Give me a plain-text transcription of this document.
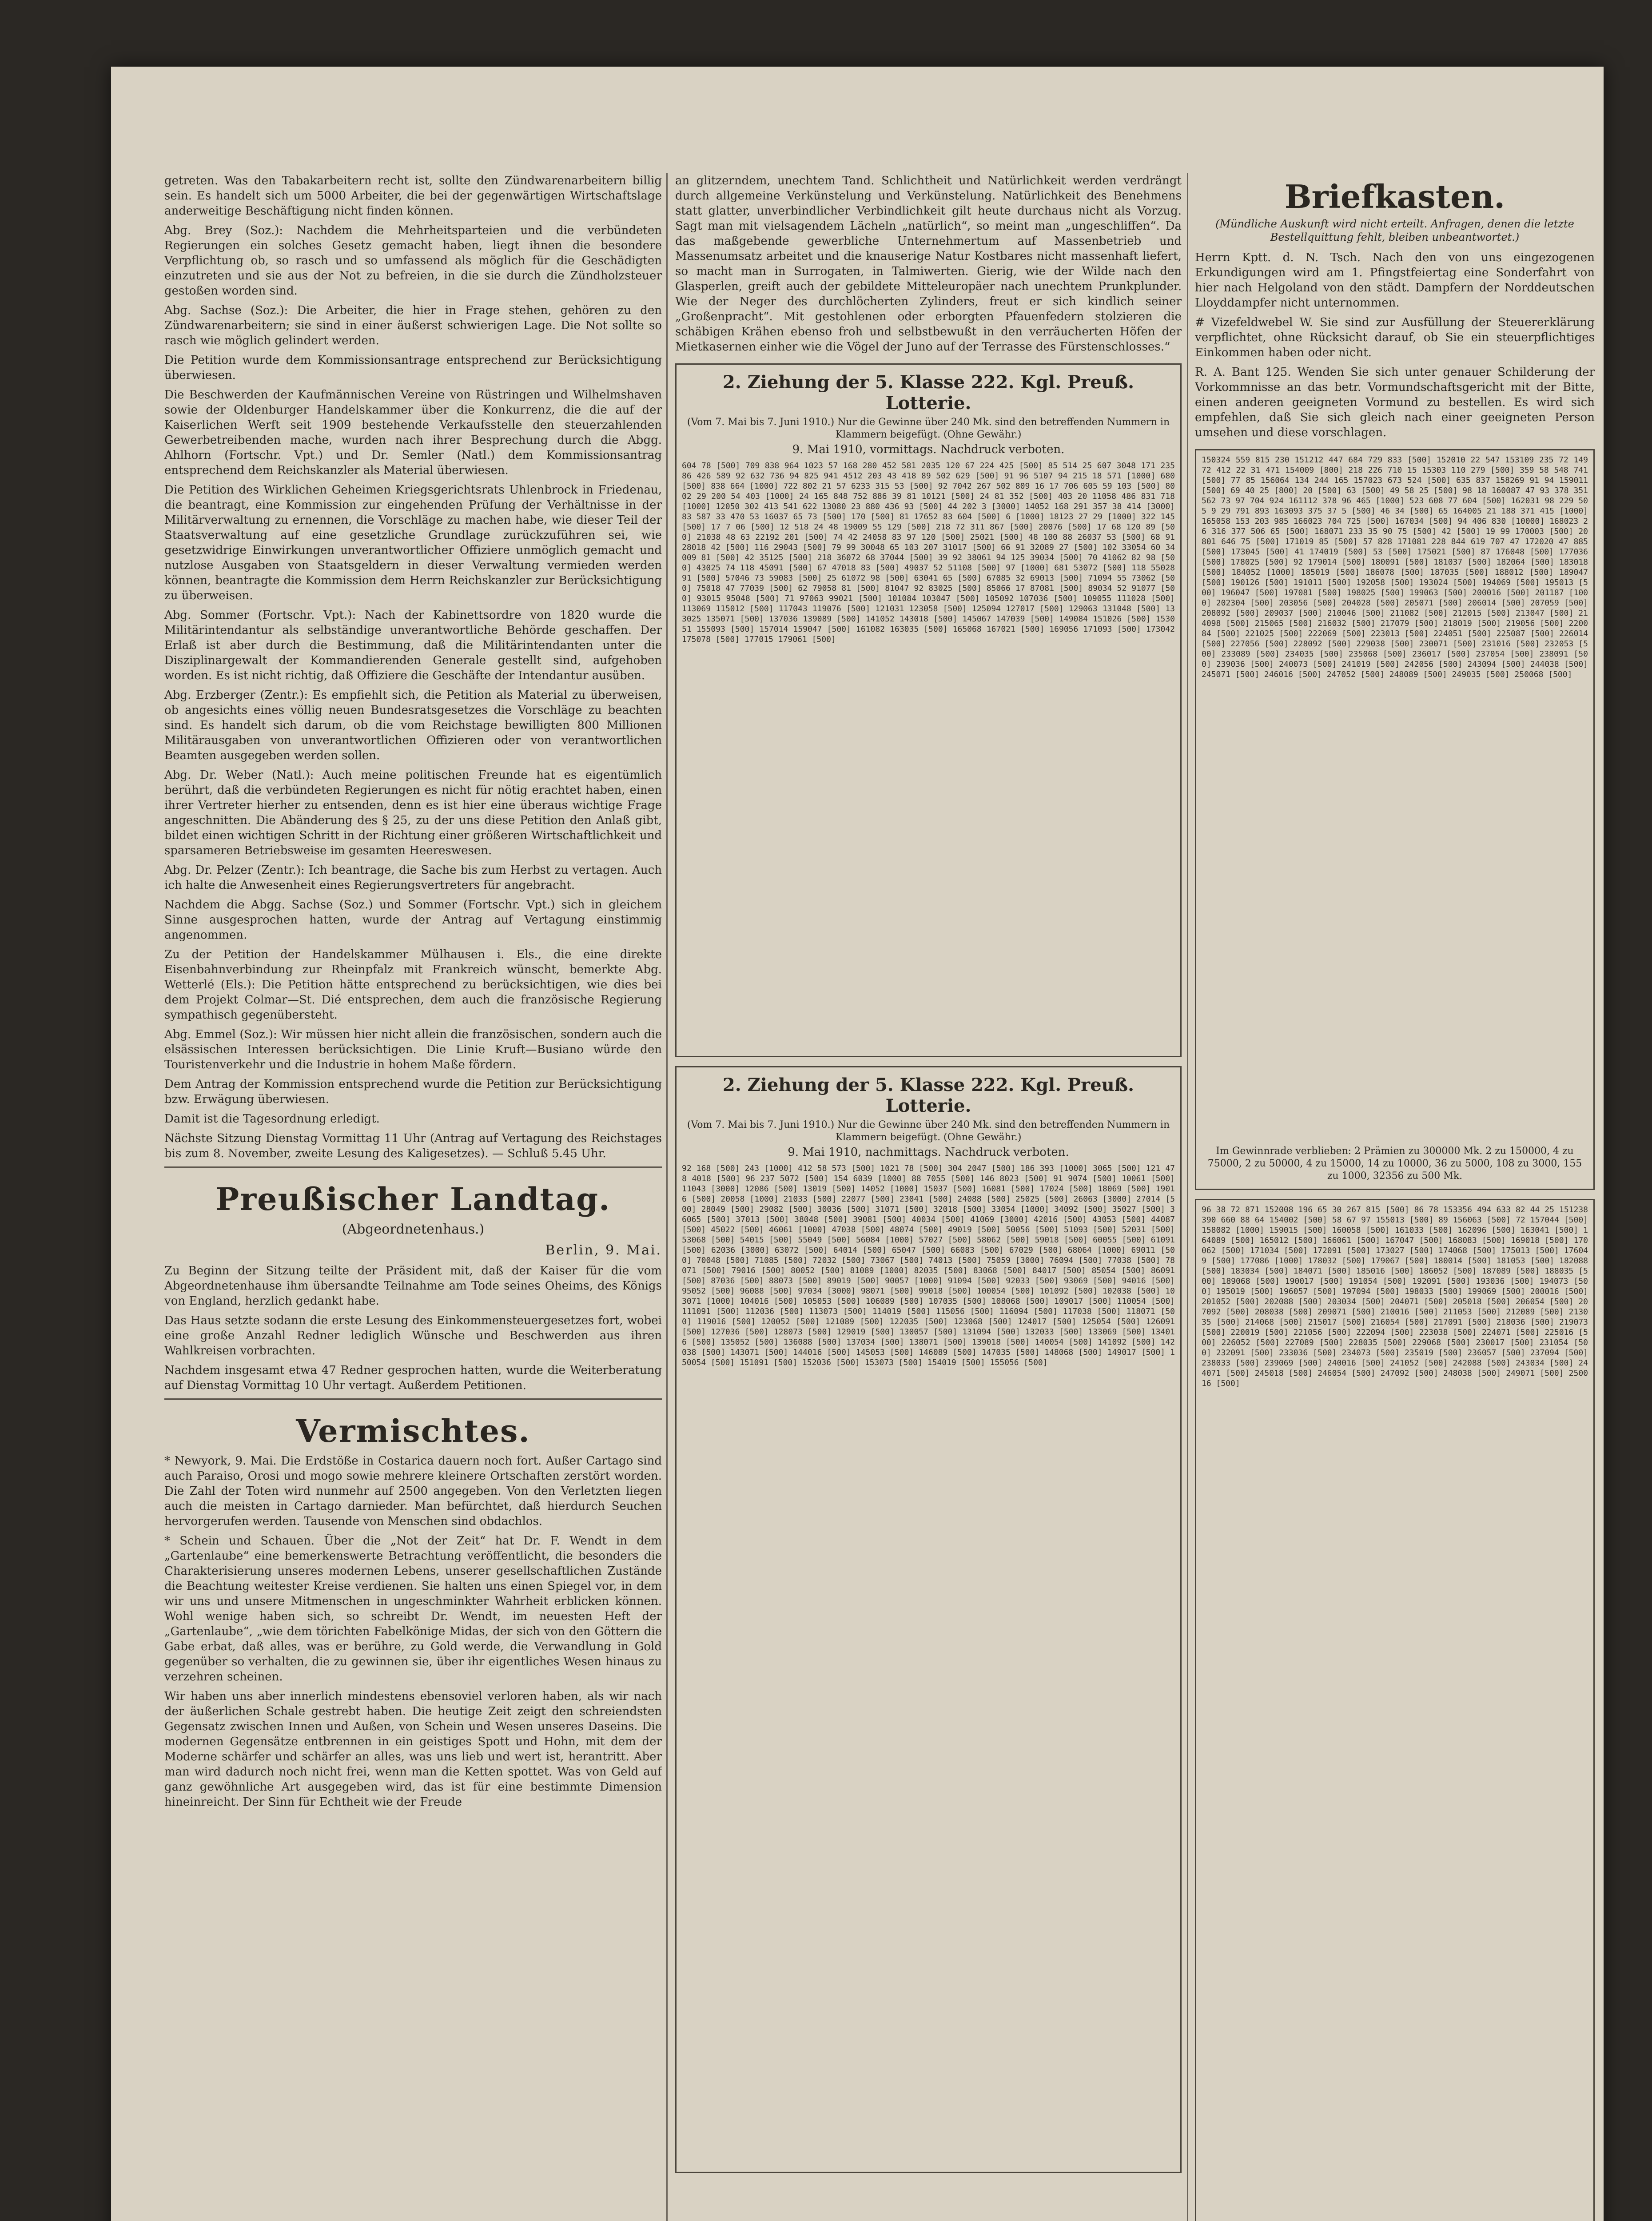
getreten. Was den Tabakarbeitern recht ist, sollte den Zündwarenarbeitern billig sein. Es handelt sich um 5000 Arbeiter, die bei der gegenwärtigen Wirtschaftslage anderweitige Beschäftigung nicht finden können.

Abg. Brey (Soz.): Nachdem die Mehrheitsparteien und die verbündeten Regierungen ein solches Gesetz gemacht haben, liegt ihnen die besondere Verpflichtung ob, so rasch und so umfassend als möglich für die Geschädigten einzutreten und sie aus der Not zu befreien, in die sie durch die Zündholzsteuer gestoßen worden sind.

Abg. Sachse (Soz.): Die Arbeiter, die hier in Frage stehen, gehören zu den Zündwarenarbeitern; sie sind in einer äußerst schwierigen Lage. Die Not sollte so rasch wie möglich gelindert werden.

Die Petition wurde dem Kommissionsantrage entsprechend zur Berücksichtigung überwiesen.

Die Beschwerden der Kaufmännischen Vereine von Rüstringen und Wilhelmshaven sowie der Oldenburger Handelskammer über die Konkurrenz, die die auf der Kaiserlichen Werft seit 1909 bestehende Verkaufsstelle den steuerzahlenden Gewerbetreibenden mache, wurden nach ihrer Besprechung durch die Abgg. Ahlhorn (Fortschr. Vpt.) und Dr. Semler (Natl.) dem Kommissionsantrag entsprechend dem Reichskanzler als Material überwiesen.

Die Petition des Wirklichen Geheimen Kriegsgerichtsrats Uhlenbrock in Friedenau, die beantragt, eine Kommission zur eingehenden Prüfung der Verhältnisse in der Militärverwaltung zu ernennen, die Vorschläge zu machen habe, wie dieser Teil der Staatsverwaltung auf eine gesetzliche Grundlage zurückzuführen sei, wie gesetzwidrige Einwirkungen unverantwortlicher Offiziere unmöglich gemacht und nutzlose Ausgaben von Staatsgeldern in dieser Verwaltung vermieden werden können, beantragte die Kommission dem Herrn Reichskanzler zur Berücksichtigung zu überweisen.

Abg. Sommer (Fortschr. Vpt.): Nach der Kabinettsordre von 1820 wurde die Militärintendantur als selbständige unverantwortliche Behörde geschaffen. Der Erlaß ist aber durch die Bestimmung, daß die Militärintendanten unter die Disziplinargewalt der Kommandierenden Generale gestellt sind, aufgehoben worden. Es ist nicht richtig, daß Offiziere die Geschäfte der Intendantur ausüben.

Abg. Erzberger (Zentr.): Es empfiehlt sich, die Petition als Material zu überweisen, ob angesichts eines völlig neuen Bundesratsgesetzes die Vorschläge zu beachten sind. Es handelt sich darum, ob die vom Reichstage bewilligten 800 Millionen Militärausgaben von unverantwortlichen Offizieren oder von verantwortlichen Beamten ausgegeben werden sollen.

Abg. Dr. Weber (Natl.): Auch meine politischen Freunde hat es eigentümlich berührt, daß die verbündeten Regierungen es nicht für nötig erachtet haben, einen ihrer Vertreter hierher zu entsenden, denn es ist hier eine überaus wichtige Frage angeschnitten. Die Abänderung des § 25, zu der uns diese Petition den Anlaß gibt, bildet einen wichtigen Schritt in der Richtung einer größeren Wirtschaftlichkeit und sparsameren Betriebsweise im gesamten Heereswesen.

Abg. Dr. Pelzer (Zentr.): Ich beantrage, die Sache bis zum Herbst zu vertagen. Auch ich halte die Anwesenheit eines Regierungsvertreters für angebracht.

Nachdem die Abgg. Sachse (Soz.) und Sommer (Fortschr. Vpt.) sich in gleichem Sinne ausgesprochen hatten, wurde der Antrag auf Vertagung einstimmig angenommen.

Zu der Petition der Handelskammer Mülhausen i. Els., die eine direkte Eisenbahnverbindung zur Rheinpfalz mit Frankreich wünscht, bemerkte Abg. Wetterlé (Els.): Die Petition hätte entsprechend zu berücksichtigen, wie dies bei dem Projekt Colmar—St. Dié entsprechen, dem auch die französische Regierung sympathisch gegenübersteht.

Abg. Emmel (Soz.): Wir müssen hier nicht allein die französischen, sondern auch die elsässischen Interessen berücksichtigen. Die Linie Kruft—Busiano würde den Touristenverkehr und die Industrie in hohem Maße fördern.

Dem Antrag der Kommission entsprechend wurde die Petition zur Berücksichtigung bzw. Erwägung überwiesen.

Damit ist die Tagesordnung erledigt.

Nächste Sitzung Dienstag Vormittag 11 Uhr (Antrag auf Vertagung des Reichstages bis zum 8. November, zweite Lesung des Kaligesetzes). — Schluß 5.45 Uhr.

Preußischer Landtag.
(Abgeordnetenhaus.)
Berlin, 9. Mai.

Zu Beginn der Sitzung teilte der Präsident mit, daß der Kaiser für die vom Abgeordnetenhause ihm übersandte Teilnahme am Tode seines Oheims, des Königs von England, herzlich gedankt habe.

Das Haus setzte sodann die erste Lesung des Einkommensteuergesetzes fort, wobei eine große Anzahl Redner lediglich Wünsche und Beschwerden aus ihren Wahlkreisen vorbrachten.

Nachdem insgesamt etwa 47 Redner gesprochen hatten, wurde die Weiterberatung auf Dienstag Vormittag 10 Uhr vertagt. Außerdem Petitionen.

Vermischtes.

* Newyork, 9. Mai. Die Erdstöße in Costarica dauern noch fort. Außer Cartago sind auch Paraiso, Orosi und mogo sowie mehrere kleinere Ortschaften zerstört worden. Die Zahl der Toten wird nunmehr auf 2500 angegeben. Von den Verletzten liegen auch die meisten in Cartago darnieder. Man befürchtet, daß hierdurch Seuchen hervorgerufen werden. Tausende von Menschen sind obdachlos.

* Schein und Schauen. Über die „Not der Zeit“ hat Dr. F. Wendt in dem „Gartenlaube“ eine bemerkenswerte Betrachtung veröffentlicht, die besonders die Charakterisierung unseres modernen Lebens, unserer gesellschaftlichen Zustände die Beachtung weitester Kreise verdienen. Sie halten uns einen Spiegel vor, in dem wir uns und unsere Mitmenschen in ungeschminkter Wahrheit erblicken können. Wohl wenige haben sich, so schreibt Dr. Wendt, im neuesten Heft der „Gartenlaube“, „wie dem törichten Fabelkönige Midas, der sich von den Göttern die Gabe erbat, daß alles, was er berühre, zu Gold werde, die Verwandlung in Gold gegenüber so verhalten, die zu gewinnen sie, über ihr eigentliches Wesen hinaus zu verzehren scheinen.

Wir haben uns aber innerlich mindestens ebensoviel verloren haben, als wir nach der äußerlichen Schale gestrebt haben. Die heutige Zeit zeigt den schreiendsten Gegensatz zwischen Innen und Außen, von Schein und Wesen unseres Daseins. Die modernen Gegensätze entbrennen in ein geistiges Spott und Hohn, mit dem der Moderne schärfer und schärfer an alles, was uns lieb und wert ist, herantritt. Aber man wird dadurch noch nicht frei, wenn man die Ketten spottet. Was von Geld auf ganz gewöhnliche Art ausgegeben wird, das ist für eine bestimmte Dimension hineinreicht. Der Sinn für Echtheit wie der Freude

an glitzerndem, unechtem Tand. Schlichtheit und Natürlichkeit werden verdrängt durch allgemeine Verkünstelung und Verkünstelung. Natürlichkeit des Benehmens statt glatter, unverbindlicher Verbindlichkeit gilt heute durchaus nicht als Vorzug. Sagt man mit vielsagendem Lächeln „natürlich“, so meint man „ungeschliffen“. Da das maßgebende gewerbliche Unternehmertum auf Massenbetrieb und Massenumsatz arbeitet und die knauserige Natur Kostbares nicht massenhaft liefert, so macht man in Surrogaten, in Talmiwerten. Gierig, wie der Wilde nach den Glasperlen, greift auch der gebildete Mitteleuropäer nach unechtem Prunkplunder. Wie der Neger des durchlöcherten Zylinders, freut er sich kindlich seiner „Großenpracht“. Mit gestohlenen oder erborgten Pfauenfedern stolzieren die schäbigen Krähen ebenso froh und selbstbewußt in den verräucherten Höfen der Mietkasernen einher wie die Vögel der Juno auf der Terrasse des Fürstenschlosses.“

2. Ziehung der 5. Klasse 222. Kgl. Preuß. Lotterie.
(Vom 7. Mai bis 7. Juni 1910.) Nur die Gewinne über 240 Mk. sind den betreffenden Nummern in Klammern beigefügt. (Ohne Gewähr.)
9. Mai 1910, vormittags. Nachdruck verboten.
604 78 [500] 709 838 964 1023 57 168 280 452 581 2035 120 67 224 425 [500] 85 514 25 607 3048 171 235 86 426 589 92 632 736 94 825 941 4512 203 43 418 89 502 629 [500] 91 96 5107 94 215 18 571 [1000] 680 [500] 838 664 [1000] 722 802 21 57 6233 315 53 [500] 92 7042 267 502 809 16 17 706 605 59 103 [500] 8002 29 200 54 403 [1000] 24 165 848 752 886 39 81 10121 [500] 24 81 352 [500] 403 20 11058 486 831 718 [1000] 12050 302 413 541 622 13080 23 880 436 93 [500] 44 202 3 [3000] 14052 168 291 357 38 414 [3000] 83 587 33 470 53 16037 65 73 [500] 170 [500] 81 17652 83 604 [500] 6 [1000] 18123 27 29 [1000] 322 145 [500] 17 7 06 [500] 12 518 24 48 19009 55 129 [500] 218 72 311 867 [500] 20076 [500] 17 68 120 89 [500] 21038 48 63 22192 201 [500] 74 42 24058 83 97 120 [500] 25021 [500] 48 100 88 26037 53 [500] 68 91 28018 42 [500] 116 29043 [500] 79 99 30048 65 103 207 31017 [500] 66 91 32089 27 [500] 102 33054 60 34009 81 [500] 42 35125 [500] 218 36072 68 37044 [500] 39 92 38061 94 125 39034 [500] 70 41062 82 98 [500] 43025 74 118 45091 [500] 67 47018 83 [500] 49037 52 51108 [500] 97 [1000] 681 53072 [500] 118 55028 91 [500] 57046 73 59083 [500] 25 61072 98 [500] 63041 65 [500] 67085 32 69013 [500] 71094 55 73062 [500] 75018 47 77039 [500] 62 79058 81 [500] 81047 92 83025 [500] 85066 17 87081 [500] 89034 52 91077 [500] 93015 95048 [500] 71 97063 99021 [500] 101084 103047 [500] 105092 107036 [500] 109055 111028 [500] 113069 115012 [500] 117043 119076 [500] 121031 123058 [500] 125094 127017 [500] 129063 131048 [500] 133025 135071 [500] 137036 139089 [500] 141052 143018 [500] 145067 147039 [500] 149084 151026 [500] 153051 155093 [500] 157014 159047 [500] 161082 163035 [500] 165068 167021 [500] 169056 171093 [500] 173042 175078 [500] 177015 179061 [500]
2. Ziehung der 5. Klasse 222. Kgl. Preuß. Lotterie.
(Vom 7. Mai bis 7. Juni 1910.) Nur die Gewinne über 240 Mk. sind den betreffenden Nummern in Klammern beigefügt. (Ohne Gewähr.)
9. Mai 1910, nachmittags. Nachdruck verboten.
92 168 [500] 243 [1000] 412 58 573 [500] 1021 78 [500] 304 2047 [500] 186 393 [1000] 3065 [500] 121 478 4018 [500] 96 237 5072 [500] 154 6039 [1000] 88 7055 [500] 146 8023 [500] 91 9074 [500] 10061 [500] 11043 [3000] 12086 [500] 13019 [500] 14052 [1000] 15037 [500] 16081 [500] 17024 [500] 18069 [500] 19016 [500] 20058 [1000] 21033 [500] 22077 [500] 23041 [500] 24088 [500] 25025 [500] 26063 [3000] 27014 [500] 28049 [500] 29082 [500] 30036 [500] 31071 [500] 32018 [500] 33054 [1000] 34092 [500] 35027 [500] 36065 [500] 37013 [500] 38048 [500] 39081 [500] 40034 [500] 41069 [3000] 42016 [500] 43053 [500] 44087 [500] 45022 [500] 46061 [1000] 47038 [500] 48074 [500] 49019 [500] 50056 [500] 51093 [500] 52031 [500] 53068 [500] 54015 [500] 55049 [500] 56084 [1000] 57027 [500] 58062 [500] 59018 [500] 60055 [500] 61091 [500] 62036 [3000] 63072 [500] 64014 [500] 65047 [500] 66083 [500] 67029 [500] 68064 [1000] 69011 [500] 70048 [500] 71085 [500] 72032 [500] 73067 [500] 74013 [500] 75059 [3000] 76094 [500] 77038 [500] 78071 [500] 79016 [500] 80052 [500] 81089 [1000] 82035 [500] 83068 [500] 84017 [500] 85054 [500] 86091 [500] 87036 [500] 88073 [500] 89019 [500] 90057 [1000] 91094 [500] 92033 [500] 93069 [500] 94016 [500] 95052 [500] 96088 [500] 97034 [3000] 98071 [500] 99018 [500] 100054 [500] 101092 [500] 102038 [500] 103071 [1000] 104016 [500] 105053 [500] 106089 [500] 107035 [500] 108068 [500] 109017 [500] 110054 [500] 111091 [500] 112036 [500] 113073 [500] 114019 [500] 115056 [500] 116094 [500] 117038 [500] 118071 [500] 119016 [500] 120052 [500] 121089 [500] 122035 [500] 123068 [500] 124017 [500] 125054 [500] 126091 [500] 127036 [500] 128073 [500] 129019 [500] 130057 [500] 131094 [500] 132033 [500] 133069 [500] 134016 [500] 135052 [500] 136088 [500] 137034 [500] 138071 [500] 139018 [500] 140054 [500] 141092 [500] 142038 [500] 143071 [500] 144016 [500] 145053 [500] 146089 [500] 147035 [500] 148068 [500] 149017 [500] 150054 [500] 151091 [500] 152036 [500] 153073 [500] 154019 [500] 155056 [500]
Briefkasten.
(Mündliche Auskunft wird nicht erteilt. Anfragen, denen die letzte Bestellquittung fehlt, bleiben unbeantwortet.)

Herrn Kptt. d. N. Tsch. Nach den von uns eingezogenen Erkundigungen wird am 1. Pfingstfeiertag eine Sonderfahrt von hier nach Helgoland von den städt. Dampfern der Norddeutschen Lloyddampfer nicht unternommen.

# Vizefeldwebel W. Sie sind zur Ausfüllung der Steuererklärung verpflichtet, ohne Rücksicht darauf, ob Sie ein steuerpflichtiges Einkommen haben oder nicht.

R. A. Bant 125. Wenden Sie sich unter genauer Schilderung der Vorkommnisse an das betr. Vormundschaftsgericht mit der Bitte, einen anderen geeigneten Vormund zu bestellen. Es wird sich empfehlen, daß Sie sich gleich nach einer geeigneten Person umsehen und diese vorschlagen.

150324 559 815 230 151212 447 684 729 833 [500] 152010 22 547 153109 235 72 149 72 412 22 31 471 154009 [800] 218 226 710 15 15303 110 279 [500] 359 58 548 741 [500] 77 85 156064 134 244 165 157023 673 524 [500] 635 837 158269 91 94 159011 [500] 69 40 25 [800] 20 [500] 63 [500] 49 58 25 [500] 98 18 160087 47 93 378 351 562 73 97 704 924 161112 378 96 465 [1000] 523 608 77 604 [500] 162031 98 229 505 9 29 791 893 163093 375 37 5 [500] 46 34 [500] 65 164005 21 188 371 415 [1000] 165058 153 203 985 166023 704 725 [500] 167034 [500] 94 406 830 [10000] 168023 26 316 377 506 65 [500] 168071 233 35 90 75 [500] 42 [500] 19 99 170003 [500] 20 801 646 75 [500] 171019 85 [500] 57 828 171081 228 844 619 707 47 172020 47 885 [500] 173045 [500] 41 174019 [500] 53 [500] 175021 [500] 87 176048 [500] 177036 [500] 178025 [500] 92 179014 [500] 180091 [500] 181037 [500] 182064 [500] 183018 [500] 184052 [1000] 185019 [500] 186078 [500] 187035 [500] 188012 [500] 189047 [500] 190126 [500] 191011 [500] 192058 [500] 193024 [500] 194069 [500] 195013 [500] 196047 [500] 197081 [500] 198025 [500] 199063 [500] 200016 [500] 201187 [1000] 202304 [500] 203056 [500] 204028 [500] 205071 [500] 206014 [500] 207059 [500] 208092 [500] 209037 [500] 210046 [500] 211082 [500] 212015 [500] 213047 [500] 214098 [500] 215065 [500] 216032 [500] 217079 [500] 218019 [500] 219056 [500] 220084 [500] 221025 [500] 222069 [500] 223013 [500] 224051 [500] 225087 [500] 226014 [500] 227056 [500] 228092 [500] 229038 [500] 230071 [500] 231016 [500] 232053 [500] 233089 [500] 234035 [500] 235068 [500] 236017 [500] 237054 [500] 238091 [500] 239036 [500] 240073 [500] 241019 [500] 242056 [500] 243094 [500] 244038 [500] 245071 [500] 246016 [500] 247052 [500] 248089 [500] 249035 [500] 250068 [500]
Im Gewinnrade verblieben: 2 Prämien zu 300000 Mk. 2 zu 150000, 4 zu 75000, 2 zu 50000, 4 zu 15000, 14 zu 10000, 36 zu 5000, 108 zu 3000, 155 zu 1000, 32356 zu 500 Mk.
96 38 72 871 152008 196 65 30 267 815 [500] 86 78 153356 494 633 82 44 25 151238 390 660 88 64 154002 [500] 58 67 97 155013 [500] 89 156063 [500] 72 157044 [500] 158082 [1000] 159015 [500] 160058 [500] 161033 [500] 162096 [500] 163041 [500] 164089 [500] 165012 [500] 166061 [500] 167047 [500] 168083 [500] 169018 [500] 170062 [500] 171034 [500] 172091 [500] 173027 [500] 174068 [500] 175013 [500] 176049 [500] 177086 [1000] 178032 [500] 179067 [500] 180014 [500] 181053 [500] 182088 [500] 183034 [500] 184071 [500] 185016 [500] 186052 [500] 187089 [500] 188035 [500] 189068 [500] 190017 [500] 191054 [500] 192091 [500] 193036 [500] 194073 [500] 195019 [500] 196057 [500] 197094 [500] 198033 [500] 199069 [500] 200016 [500] 201052 [500] 202088 [500] 203034 [500] 204071 [500] 205018 [500] 206054 [500] 207092 [500] 208038 [500] 209071 [500] 210016 [500] 211053 [500] 212089 [500] 213035 [500] 214068 [500] 215017 [500] 216054 [500] 217091 [500] 218036 [500] 219073 [500] 220019 [500] 221056 [500] 222094 [500] 223038 [500] 224071 [500] 225016 [500] 226052 [500] 227089 [500] 228035 [500] 229068 [500] 230017 [500] 231054 [500] 232091 [500] 233036 [500] 234073 [500] 235019 [500] 236057 [500] 237094 [500] 238033 [500] 239069 [500] 240016 [500] 241052 [500] 242088 [500] 243034 [500] 244071 [500] 245018 [500] 246054 [500] 247092 [500] 248038 [500] 249071 [500] 250016 [500]
